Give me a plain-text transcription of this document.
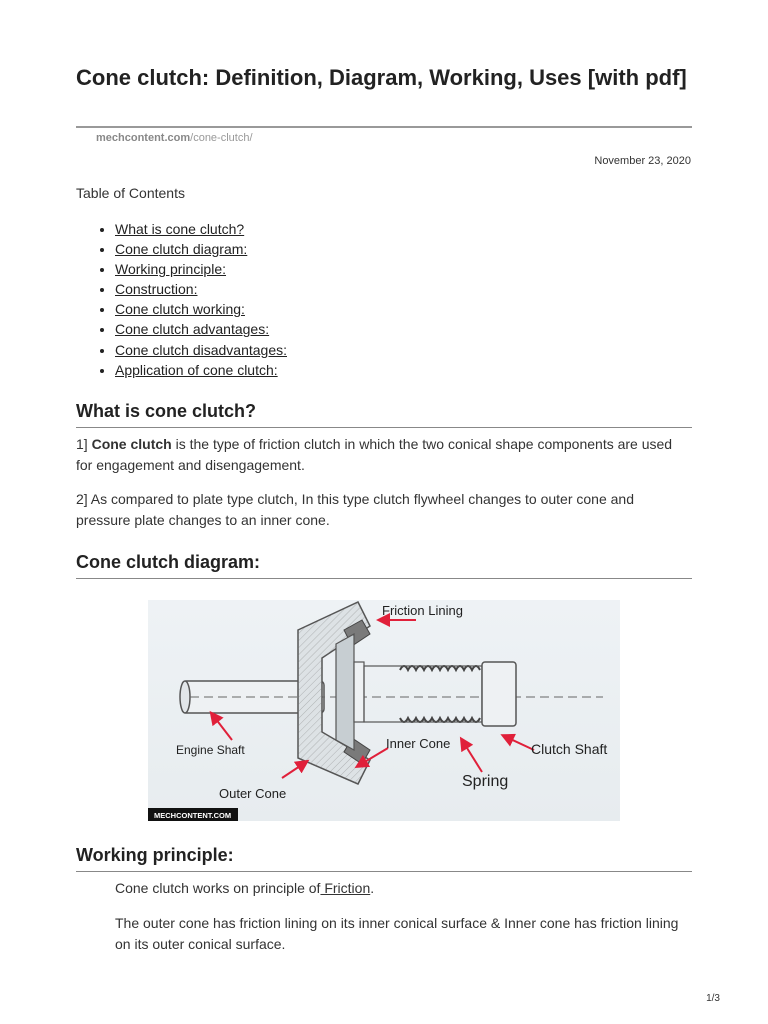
Cone clutch: Definition, Diagram, Working, Uses [with pdf]
mechcontent.com/cone-clutch/
November 23, 2020
Table of Contents
• What is cone clutch?
• Cone clutch diagram:
• Working principle:
• Construction:
• Cone clutch working:
• Cone clutch advantages:
• Cone clutch disadvantages:
• Application of cone clutch:
What is cone clutch?

1] Cone clutch is the type of friction clutch in which the two conical shape components are used for engagement and disengagement.

2] As compared to plate type clutch, In this type clutch flywheel changes to outer cone and pressure plate changes to an inner cone.

Cone clutch diagram:
Friction Lining
Engine Shaft	Inner Cone	Clutch Shaft
Spring
Outer Cone
MECHCONTENT.COM
Working principle:

Cone clutch works on principle of Friction.

The outer cone has friction lining on its inner conical surface & Inner cone has friction lining on its outer conical surface.

1/3
